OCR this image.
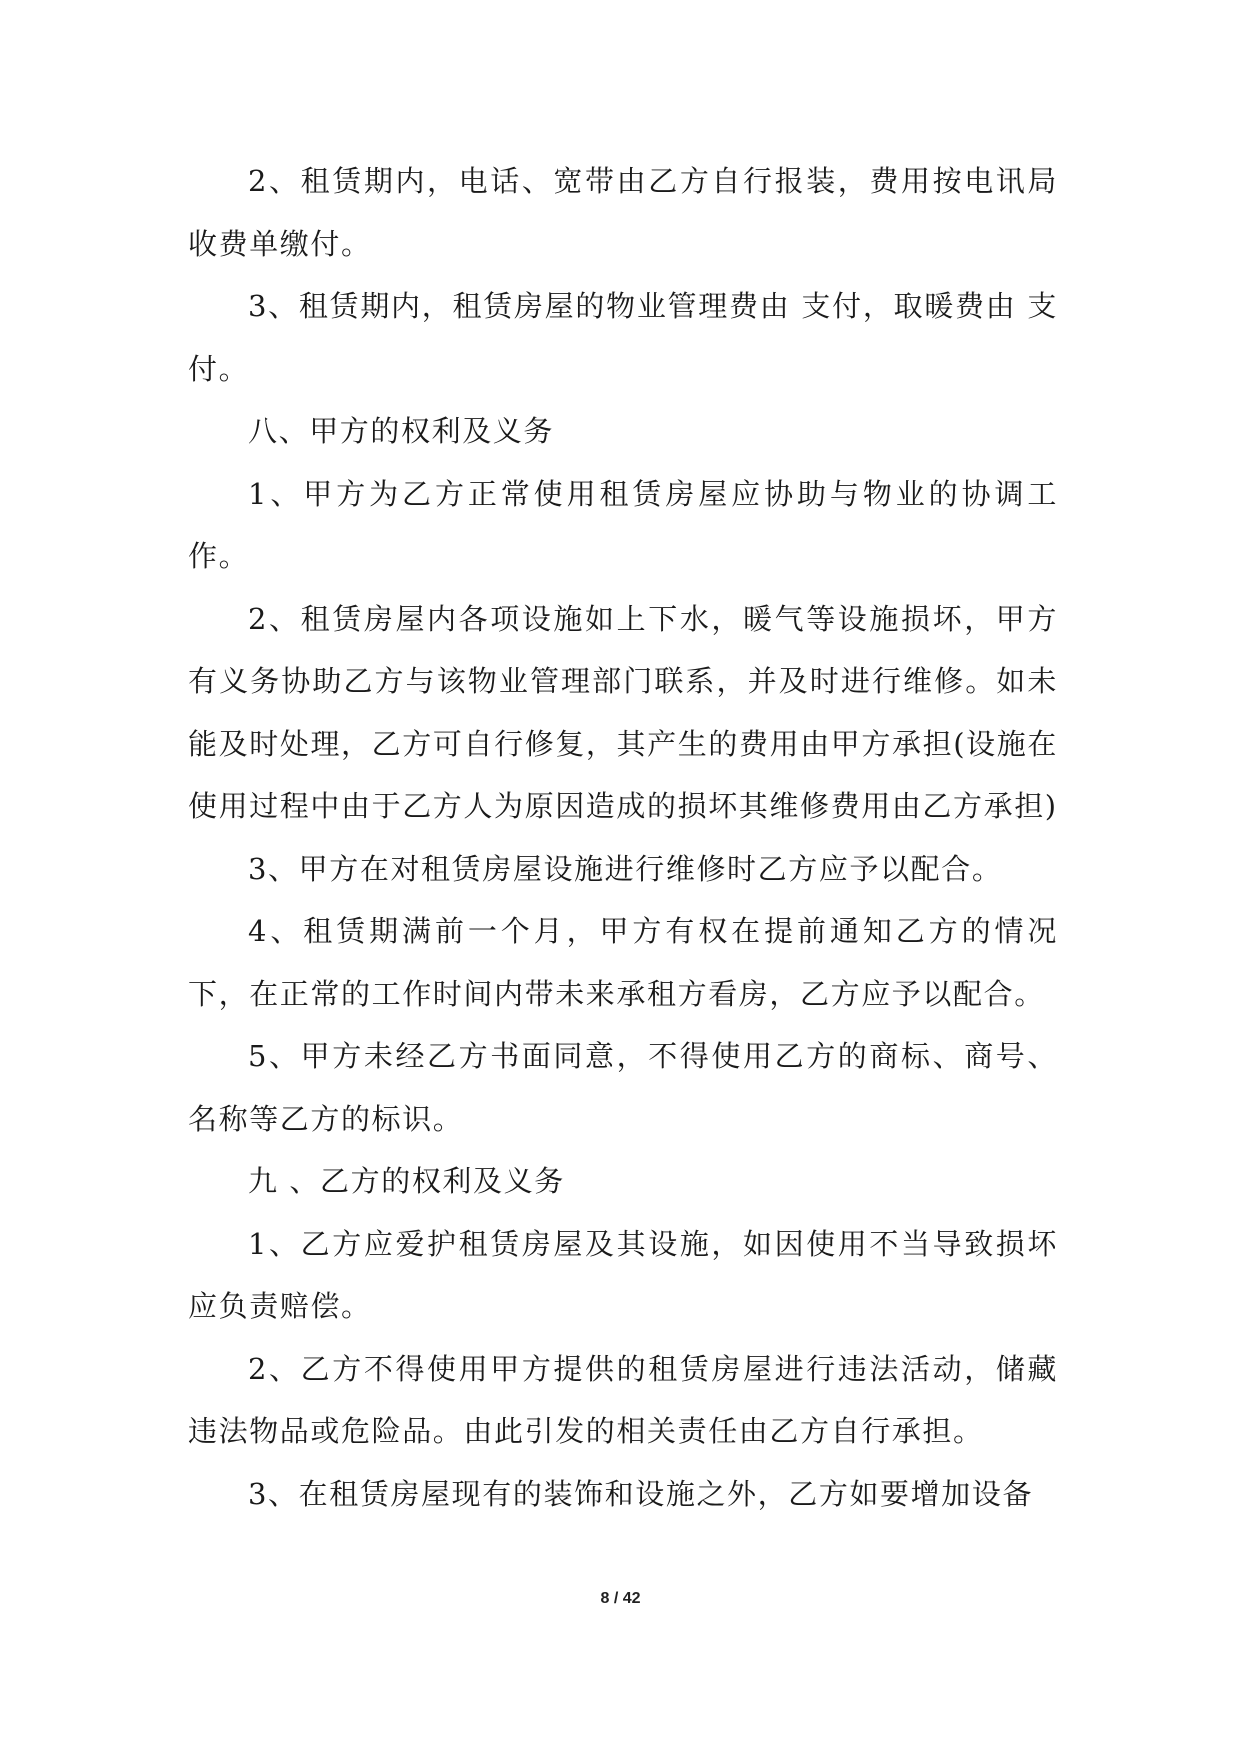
2、租赁期内，电话、宽带由乙方自行报装，费用按电讯局收费单缴付。

3、租赁期内，租赁房屋的物业管理费由 支付，取暖费由 支付。

八、甲方的权利及义务

1、甲方为乙方正常使用租赁房屋应协助与物业的协调工作。

2、租赁房屋内各项设施如上下水，暖气等设施损坏，甲方有义务协助乙方与该物业管理部门联系，并及时进行维修。如未能及时处理，乙方可自行修复，其产生的费用由甲方承担(设施在使用过程中由于乙方人为原因造成的损坏其维修费用由乙方承担)

3、甲方在对租赁房屋设施进行维修时乙方应予以配合。

4、租赁期满前一个月，甲方有权在提前通知乙方的情况下，在正常的工作时间内带未来承租方看房，乙方应予以配合。

5、甲方未经乙方书面同意，不得使用乙方的商标、商号、名称等乙方的标识。

九 、乙方的权利及义务

1、乙方应爱护租赁房屋及其设施，如因使用不当导致损坏应负责赔偿。

2、乙方不得使用甲方提供的租赁房屋进行违法活动，储藏违法物品或危险品。由此引发的相关责任由乙方自行承担。

3、在租赁房屋现有的装饰和设施之外，乙方如要增加设备

8 / 42
